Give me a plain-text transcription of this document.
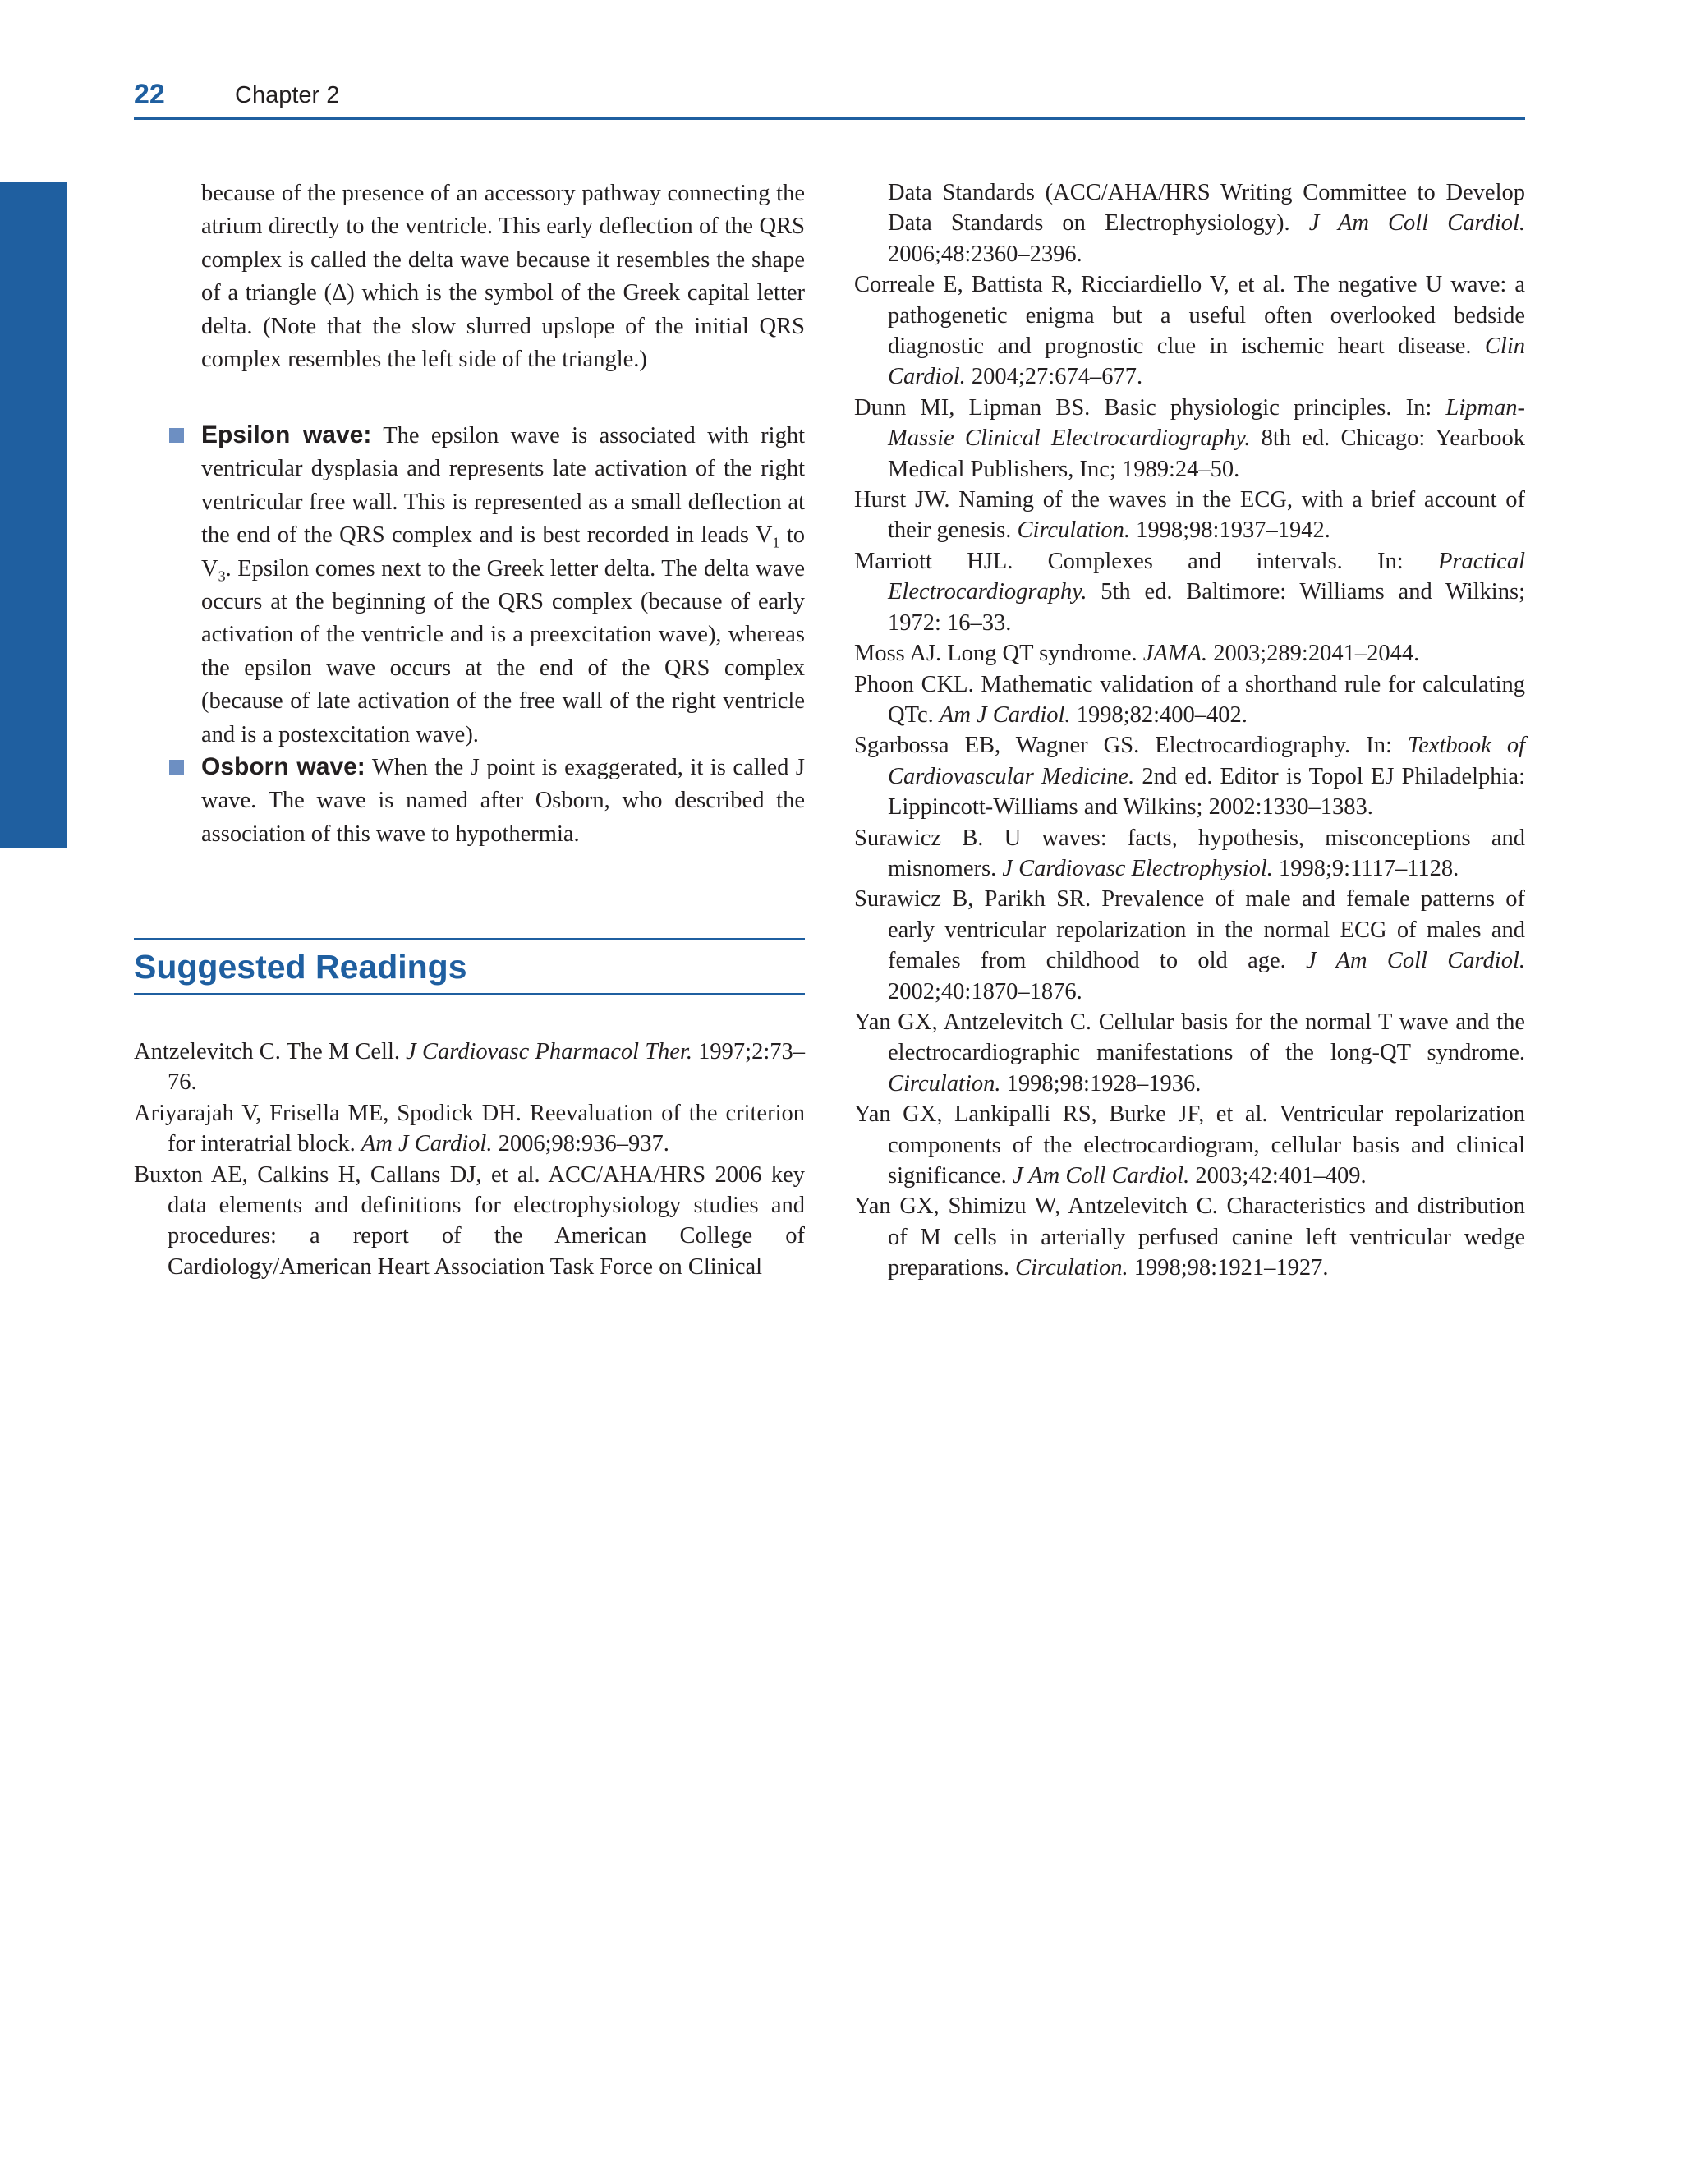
22	Chapter 2

because of the presence of an accessory pathway connecting the atrium directly to the ventricle. This early deflection of the QRS complex is called the delta wave because it resembles the shape of a triangle (Δ) which is the symbol of the Greek capital letter delta. (Note that the slow slurred upslope of the initial QRS complex resembles the left side of the triangle.)

Epsilon wave: The epsilon wave is associated with right ventricular dysplasia and represents late activation of the right ventricular free wall. This is represented as a small deflection at the end of the QRS complex and is best recorded in leads $V_1$ to $V_3$. Epsilon comes next to the Greek letter delta. The delta wave occurs at the beginning of the QRS complex (because of early activation of the ventricle and is a preexcitation wave), whereas the epsilon wave occurs at the end of the QRS complex (because of late activation of the free wall of the right ventricle and is a postexcitation wave).

Osborn wave: When the J point is exaggerated, it is called J wave. The wave is named after Osborn, who described the association of this wave to hypothermia.

Suggested Readings
Antzelevitch C. The M Cell. J Cardiovasc Pharmacol Ther. 1997;2:73–76.
Ariyarajah V, Frisella ME, Spodick DH. Reevaluation of the criterion for interatrial block. Am J Cardiol. 2006;98:936–937.
Buxton AE, Calkins H, Callans DJ, et al. ACC/AHA/HRS 2006 key data elements and definitions for electrophysiology studies and procedures: a report of the American College of Cardiology/American Heart Association Task Force on Clinical
Data Standards (ACC/AHA/HRS Writing Committee to Develop Data Standards on Electrophysiology). J Am Coll Cardiol. 2006;48:2360–2396.
Correale E, Battista R, Ricciardiello V, et al. The negative U wave: a pathogenetic enigma but a useful often overlooked bedside diagnostic and prognostic clue in ischemic heart disease. Clin Cardiol. 2004;27:674–677.
Dunn MI, Lipman BS. Basic physiologic principles. In: Lipman-Massie Clinical Electrocardiography. 8th ed. Chicago: Yearbook Medical Publishers, Inc; 1989:24–50.
Hurst JW. Naming of the waves in the ECG, with a brief account of their genesis. Circulation. 1998;98:1937–1942.
Marriott HJL. Complexes and intervals. In: Practical Electrocardiography. 5th ed. Baltimore: Williams and Wilkins; 1972: 16–33.
Moss AJ. Long QT syndrome. JAMA. 2003;289:2041–2044.
Phoon CKL. Mathematic validation of a shorthand rule for calculating QTc. Am J Cardiol. 1998;82:400–402.
Sgarbossa EB, Wagner GS. Electrocardiography. In: Textbook of Cardiovascular Medicine. 2nd ed. Editor is Topol EJ Philadelphia: Lippincott-Williams and Wilkins; 2002:1330–1383.
Surawicz B. U waves: facts, hypothesis, misconceptions and misnomers. J Cardiovasc Electrophysiol. 1998;9:1117–1128.
Surawicz B, Parikh SR. Prevalence of male and female patterns of early ventricular repolarization in the normal ECG of males and females from childhood to old age. J Am Coll Cardiol. 2002;40:1870–1876.
Yan GX, Antzelevitch C. Cellular basis for the normal T wave and the electrocardiographic manifestations of the long-QT syndrome. Circulation. 1998;98:1928–1936.
Yan GX, Lankipalli RS, Burke JF, et al. Ventricular repolarization components of the electrocardiogram, cellular basis and clinical significance. J Am Coll Cardiol. 2003;42:401–409.
Yan GX, Shimizu W, Antzelevitch C. Characteristics and distribution of M cells in arterially perfused canine left ventricular wedge preparations. Circulation. 1998;98:1921–1927.
